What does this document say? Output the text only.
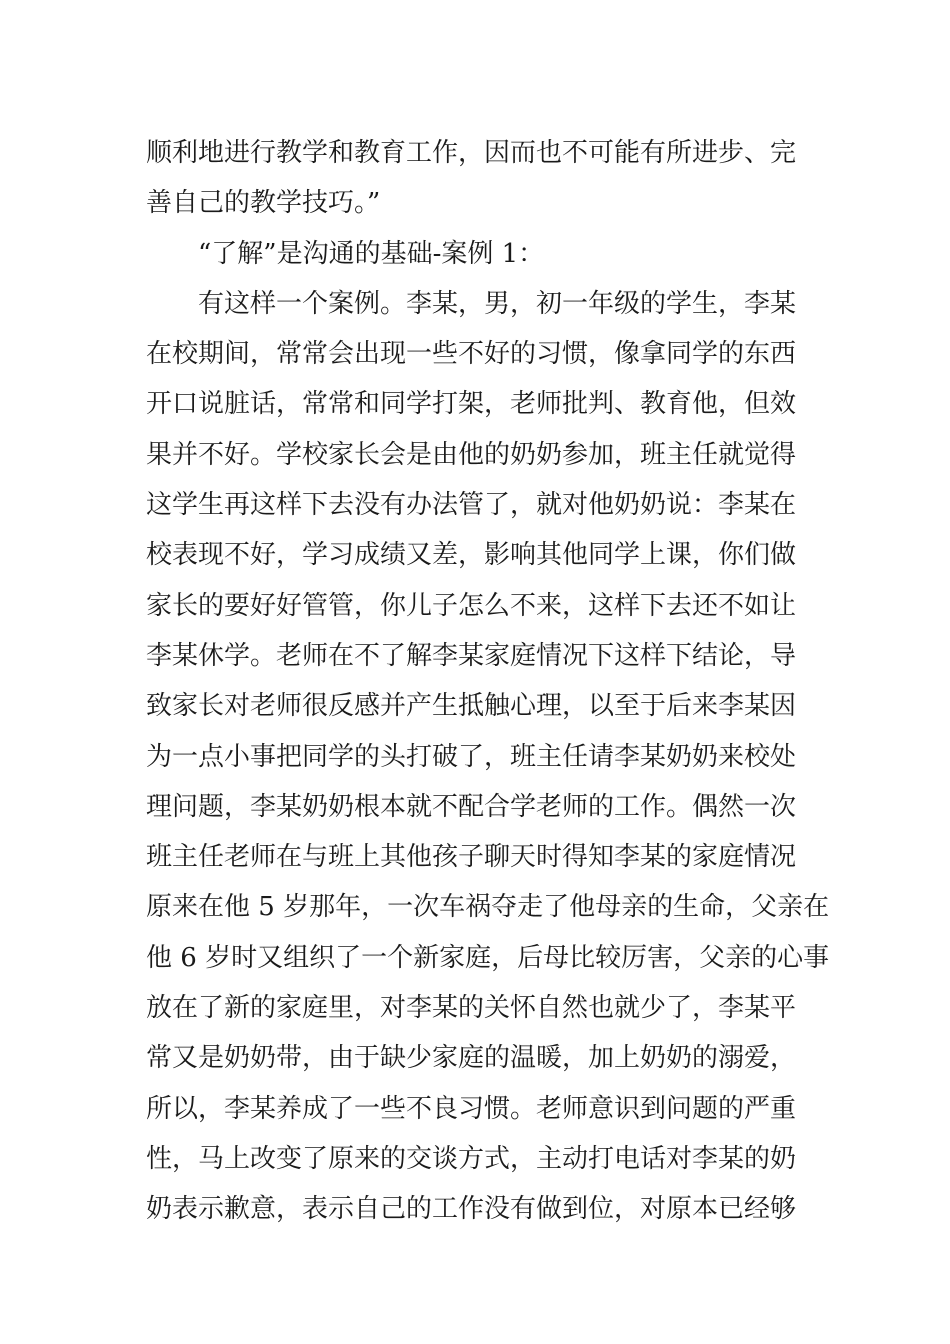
顺利地进行教学和教育工作，因而也不可能有所进步、完
善自己的教学技巧。”
“了解”是沟通的基础-案例 1：
有这样一个案例。李某，男，初一年级的学生，李某
在校期间，常常会出现一些不好的习惯，像拿同学的东西
开口说脏话，常常和同学打架，老师批判、教育他，但效
果并不好。学校家长会是由他的奶奶参加，班主任就觉得
这学生再这样下去没有办法管了，就对他奶奶说：李某在
校表现不好，学习成绩又差，影响其他同学上课，你们做
家长的要好好管管，你儿子怎么不来，这样下去还不如让
李某休学。老师在不了解李某家庭情况下这样下结论，导
致家长对老师很反感并产生抵触心理，以至于后来李某因
为一点小事把同学的头打破了，班主任请李某奶奶来校处
理问题，李某奶奶根本就不配合学老师的工作。偶然一次
班主任老师在与班上其他孩子聊天时得知李某的家庭情况
原来在他 5 岁那年，一次车祸夺走了他母亲的生命，父亲在
他 6 岁时又组织了一个新家庭，后母比较厉害，父亲的心事
放在了新的家庭里，对李某的关怀自然也就少了，李某平
常又是奶奶带，由于缺少家庭的温暖，加上奶奶的溺爱，
所以，李某养成了一些不良习惯。老师意识到问题的严重
性，马上改变了原来的交谈方式，主动打电话对李某的奶
奶表示歉意，表示自己的工作没有做到位，对原本已经够
